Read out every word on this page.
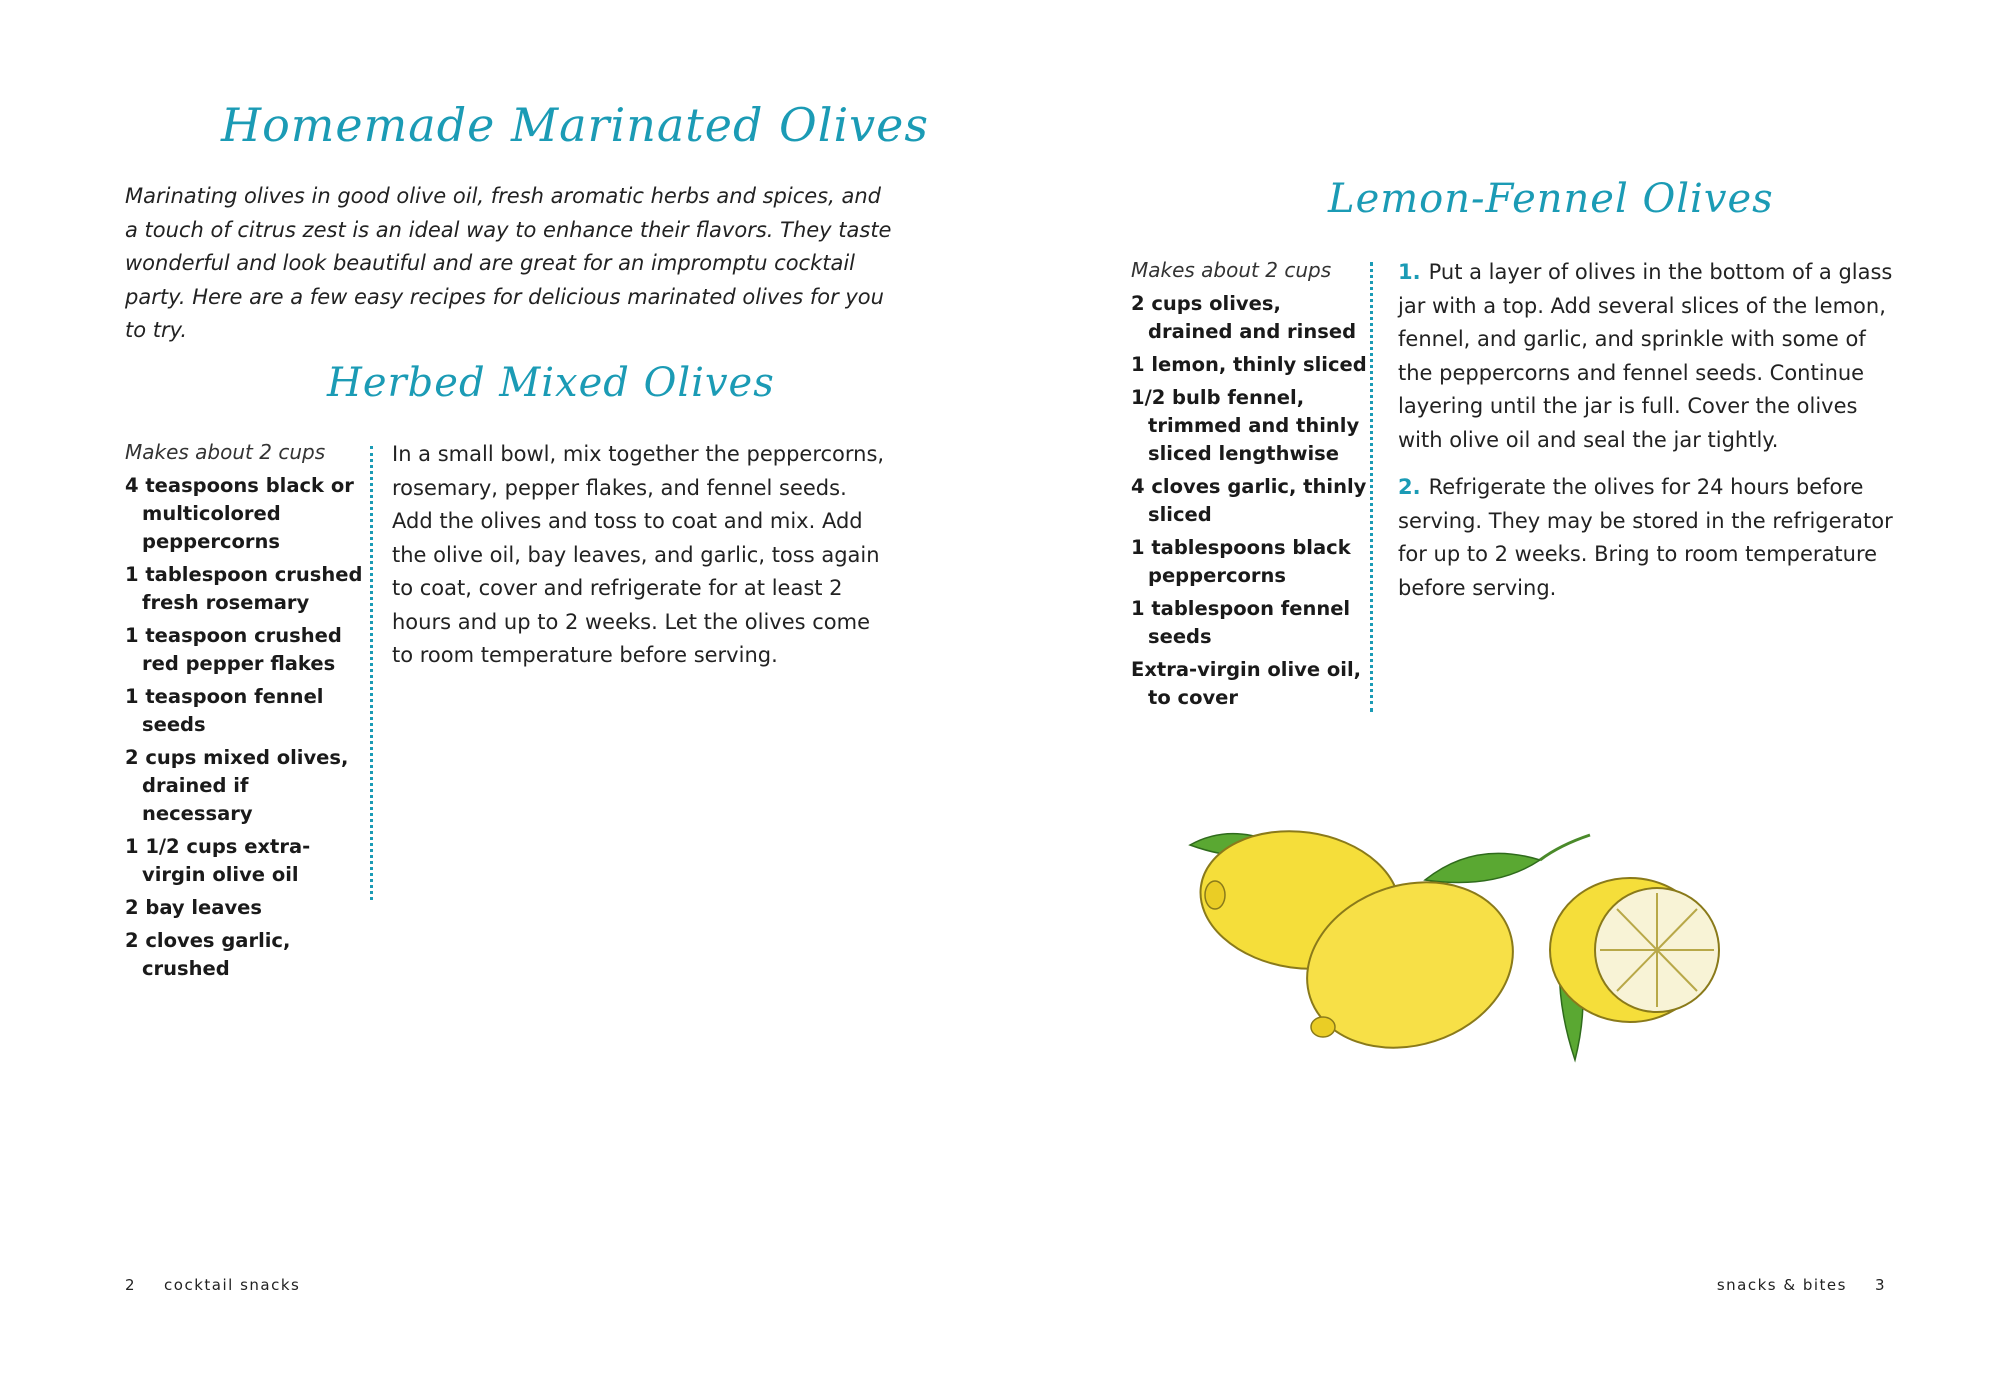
Homemade Marinated Olives

Marinating olives in good olive oil, fresh aromatic herbs and spices, and a touch of citrus zest is an ideal way to enhance their flavors. They taste wonderful and look beautiful and are great for an impromptu cocktail party. Here are a few easy recipes for delicious marinated olives for you to try.

Herbed Mixed Olives

Makes about 2 cups

4 teaspoons black or multicolored peppercorns
1 tablespoon crushed fresh rosemary
1 teaspoon crushed red pepper flakes
1 teaspoon fennel seeds
2 cups mixed olives, drained if necessary
1 1/2 cups extra-virgin olive oil
2 bay leaves
2 cloves garlic, crushed

In a small bowl, mix together the peppercorns, rosemary, pepper flakes, and fennel seeds. Add the olives and toss to coat and mix. Add the olive oil, bay leaves, and garlic, toss again to coat, cover and refrigerate for at least 2 hours and up to 2 weeks. Let the olives come to room temperature before serving.

2 cocktail snacks

Lemon-Fennel Olives

Makes about 2 cups

2 cups olives, drained and rinsed
1 lemon, thinly sliced
1/2 bulb fennel, trimmed and thinly sliced lengthwise
4 cloves garlic, thinly sliced
1 tablespoons black peppercorns
1 tablespoon fennel seeds
Extra-virgin olive oil, to cover

1. Put a layer of olives in the bottom of a glass jar with a top. Add several slices of the lemon, fennel, and garlic, and sprinkle with some of the peppercorns and fennel seeds. Continue layering until the jar is full. Cover the olives with olive oil and seal the jar tightly.

2. Refrigerate the olives for 24 hours before serving. They may be stored in the refrigerator for up to 2 weeks. Bring to room temperature before serving.

snacks & bites 3
